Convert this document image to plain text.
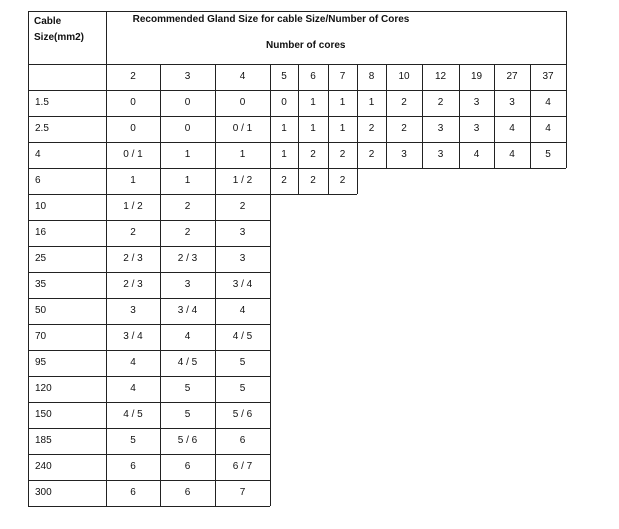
Cable
Size(mm2)
Recommended Gland Size for cable Size/Number of Cores
Number of cores
2	3	4	5	6	7	8	10	12	19	27	37
1.5	0	0	0	0	1	1	1	2	2	3	3	4
2.5	0	0	0 / 1	1	1	1	2	2	3	3	4	4
4	0 / 1	1	1	1	2	2	2	3	3	4	4	5
6	1	1	1 / 2	2	2	2
10	1 / 2	2	2
16	2	2	3
25	2 / 3	2 / 3	3
35	2 / 3	3	3 / 4
50	3	3 / 4	4
70	3 / 4	4	4 / 5
95	4	4 / 5	5
120	4	5	5
150	4 / 5	5	5 / 6
185	5	5 / 6	6
240	6	6	6 / 7
300	6	6	7
